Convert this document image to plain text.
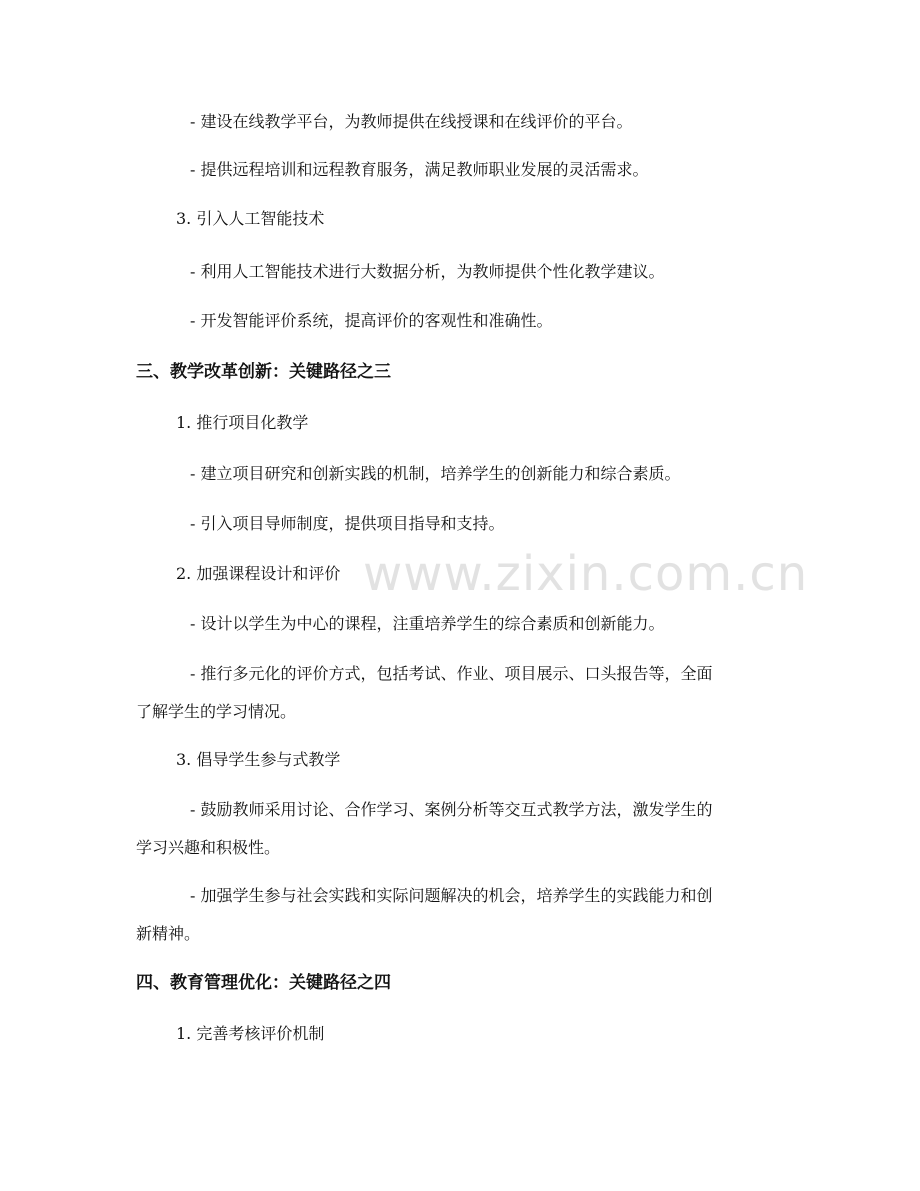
www.zixin.com.cn
- 建设在线教学平台，为教师提供在线授课和在线评价的平台。
- 提供远程培训和远程教育服务，满足教师职业发展的灵活需求。
3. 引入人工智能技术
- 利用人工智能技术进行大数据分析，为教师提供个性化教学建议。
- 开发智能评价系统，提高评价的客观性和准确性。
三、教学改革创新：关键路径之三
1. 推行项目化教学
- 建立项目研究和创新实践的机制，培养学生的创新能力和综合素质。
- 引入项目导师制度，提供项目指导和支持。
2. 加强课程设计和评价
- 设计以学生为中心的课程，注重培养学生的综合素质和创新能力。
- 推行多元化的评价方式，包括考试、作业、项目展示、口头报告等，全面
了解学生的学习情况。
3. 倡导学生参与式教学
- 鼓励教师采用讨论、合作学习、案例分析等交互式教学方法，激发学生的
学习兴趣和积极性。
- 加强学生参与社会实践和实际问题解决的机会，培养学生的实践能力和创
新精神。
四、教育管理优化：关键路径之四
1. 完善考核评价机制
